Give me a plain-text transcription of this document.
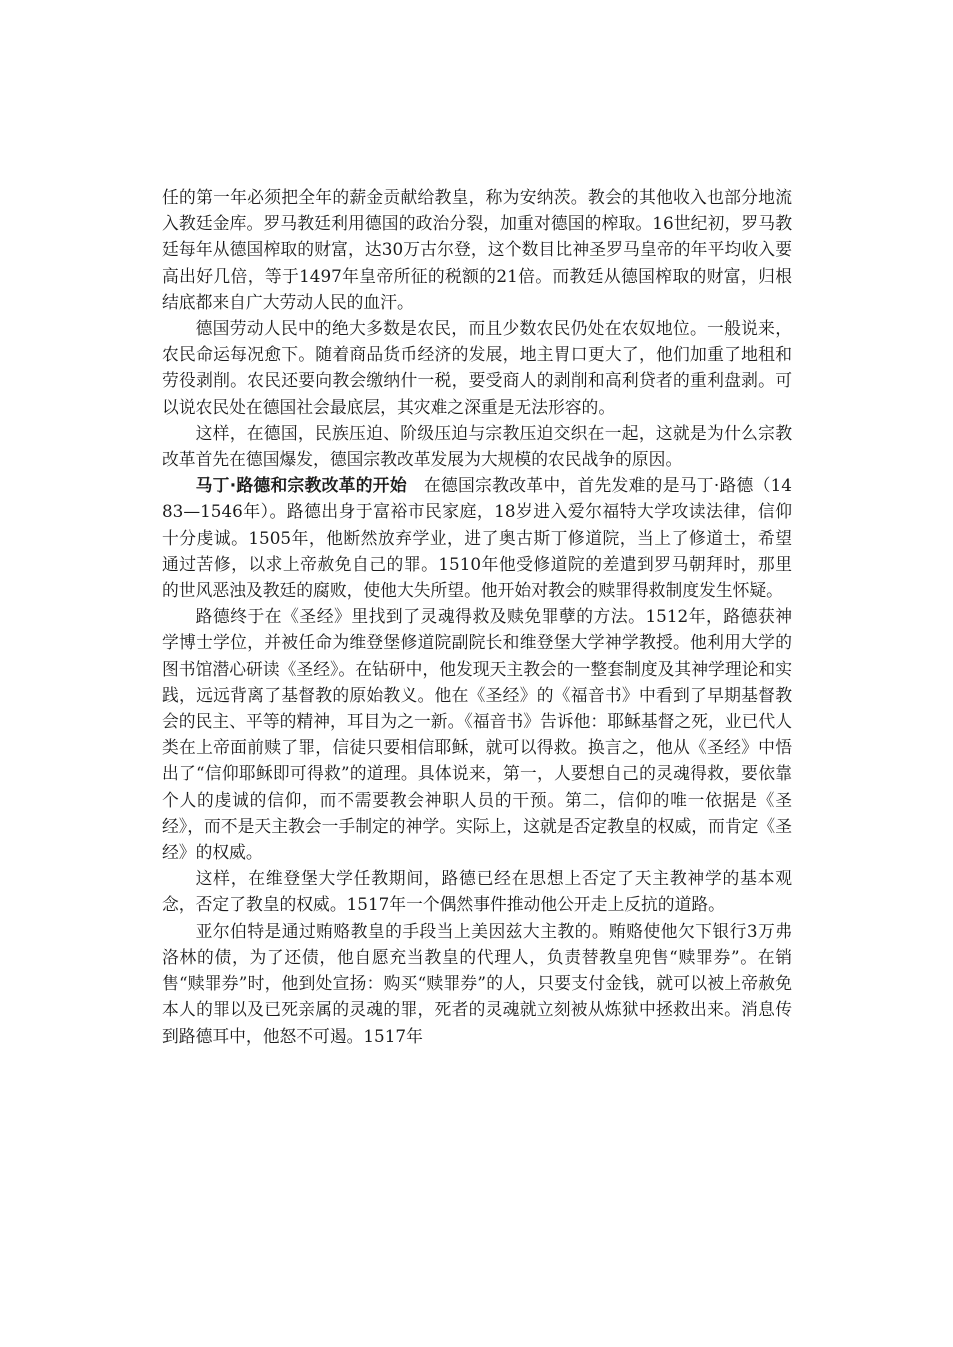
任的第一年必须把全年的薪金贡献给教皇，称为安纳茨。教会的其他收入也部分地流入教廷金库。罗马教廷利用德国的政治分裂，加重对德国的榨取。16世纪初，罗马教廷每年从德国榨取的财富，达30万古尔登，这个数目比神圣罗马皇帝的年平均收入要高出好几倍，等于1497年皇帝所征的税额的21倍。而教廷从德国榨取的财富，归根结底都来自广大劳动人民的血汗。

德国劳动人民中的绝大多数是农民，而且少数农民仍处在农奴地位。一般说来，农民命运每况愈下。随着商品货币经济的发展，地主胃口更大了，他们加重了地租和劳役剥削。农民还要向教会缴纳什一税，要受商人的剥削和高利贷者的重利盘剥。可以说农民处在德国社会最底层，其灾难之深重是无法形容的。

这样，在德国，民族压迫、阶级压迫与宗教压迫交织在一起，这就是为什么宗教改革首先在德国爆发，德国宗教改革发展为大规模的农民战争的原因。

马丁·路德和宗教改革的开始　 在德国宗教改革中，首先发难的是马丁·路德（1483—1546年）。路德出身于富裕市民家庭，18岁进入爱尔福特大学攻读法律，信仰十分虔诚。1505年，他断然放弃学业，进了奥古斯丁修道院，当上了修道士，希望通过苦修，以求上帝赦免自己的罪。1510年他受修道院的差遣到罗马朝拜时，那里的世风恶浊及教廷的腐败，使他大失所望。他开始对教会的赎罪得救制度发生怀疑。

路德终于在《圣经》里找到了灵魂得救及赎免罪孽的方法。1512年，路德获神学博士学位，并被任命为维登堡修道院副院长和维登堡大学神学教授。他利用大学的图书馆潜心研读《圣经》。在钻研中，他发现天主教会的一整套制度及其神学理论和实践，远远背离了基督教的原始教义。他在《圣经》的《福音书》中看到了早期基督教会的民主、平等的精神，耳目为之一新。《福音书》告诉他：耶稣基督之死，业已代人类在上帝面前赎了罪，信徒只要相信耶稣，就可以得救。换言之，他从《圣经》中悟出了“信仰耶稣即可得救”的道理。具体说来，第一，人要想自己的灵魂得救，要依靠个人的虔诚的信仰，而不需要教会神职人员的干预。第二，信仰的唯一依据是《圣经》，而不是天主教会一手制定的神学。实际上，这就是否定教皇的权威，而肯定《圣经》的权威。

这样，在维登堡大学任教期间，路德已经在思想上否定了天主教神学的基本观念，否定了教皇的权威。1517年一个偶然事件推动他公开走上反抗的道路。

亚尔伯特是通过贿赂教皇的手段当上美因兹大主教的。贿赂使他欠下银行3万弗洛林的债，为了还债，他自愿充当教皇的代理人，负责替教皇兜售“赎罪券”。在销售“赎罪券”时，他到处宣扬：购买“赎罪券”的人，只要支付金钱，就可以被上帝赦免本人的罪以及已死亲属的灵魂的罪，死者的灵魂就立刻被从炼狱中拯救出来。消息传到路德耳中，他怒不可遏。1517年
